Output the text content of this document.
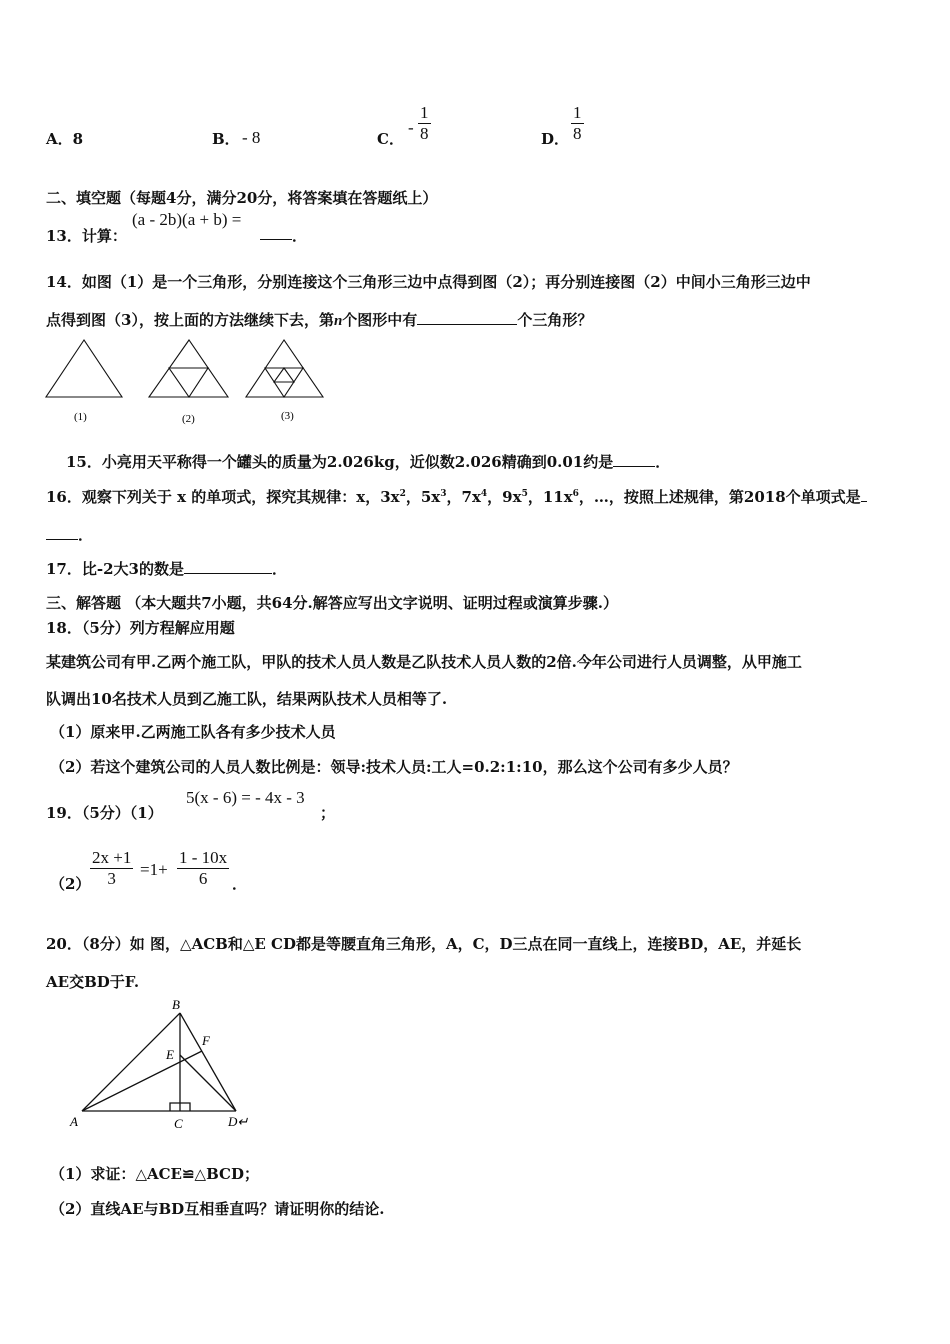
A．8	B． - 8	C．
- $\frac{1}{8}$	D． $\frac{1}{8}$
二、填空题（每题4分，满分20分，将答案填在答题纸上）
13．计算：
(a - 2b)(a + b) =
．
14．如图（1）是一个三角形，分别连接这个三角形三边中点得到图（2）；再分别连接图（2）中间小三角形三边中
点得到图（3），按上面的方法继续下去，第n个图形中有	个三角形？
(1)	(2)	(3)
15．小亮用天平称得一个罐头的质量为2.026kg，近似数2.026精确到0.01约是	．
16．观察下列关于 x 的单项式，探究其规律：x，$3x^2$，$5x^3$，$7x^4$，$9x^5$，$11x^6$，…，按照上述规律，第2018个单项式是
．
17．比-2大3的数是	．
三、解答题 （本大题共7小题，共64分.解答应写出文字说明、证明过程或演算步骤.）
18．（5分）列方程解应用题
某建筑公司有甲.乙两个施工队，甲队的技术人员人数是乙队技术人员人数的2倍.今年公司进行人员调整，从甲施工
队调出10名技术人员到乙施工队，结果两队技术人员相等了.
（1）原来甲.乙两施工队各有多少技术人员
（2）若这个建筑公司的人员人数比例是：领导:技术人员:工人=0.2:1:10，那么这个公司有多少人员？
19．（5分）（1）
5(x - 6) = - 4x - 3
；
$(2) \frac{2x +1}{3} =1+ \frac{1 - 10x}{6}$ ．
20．（8分）如 图，△ACB和△E CD都是等腰直角三角形，A，C，D三点在同一直线上，连接BD，AE，并延长
AE交BD于F.
B
E
F
A	C	D↵
（1）求证：△ACE≌△BCD；
（2）直线AE与BD互相垂直吗？请证明你的结论.
